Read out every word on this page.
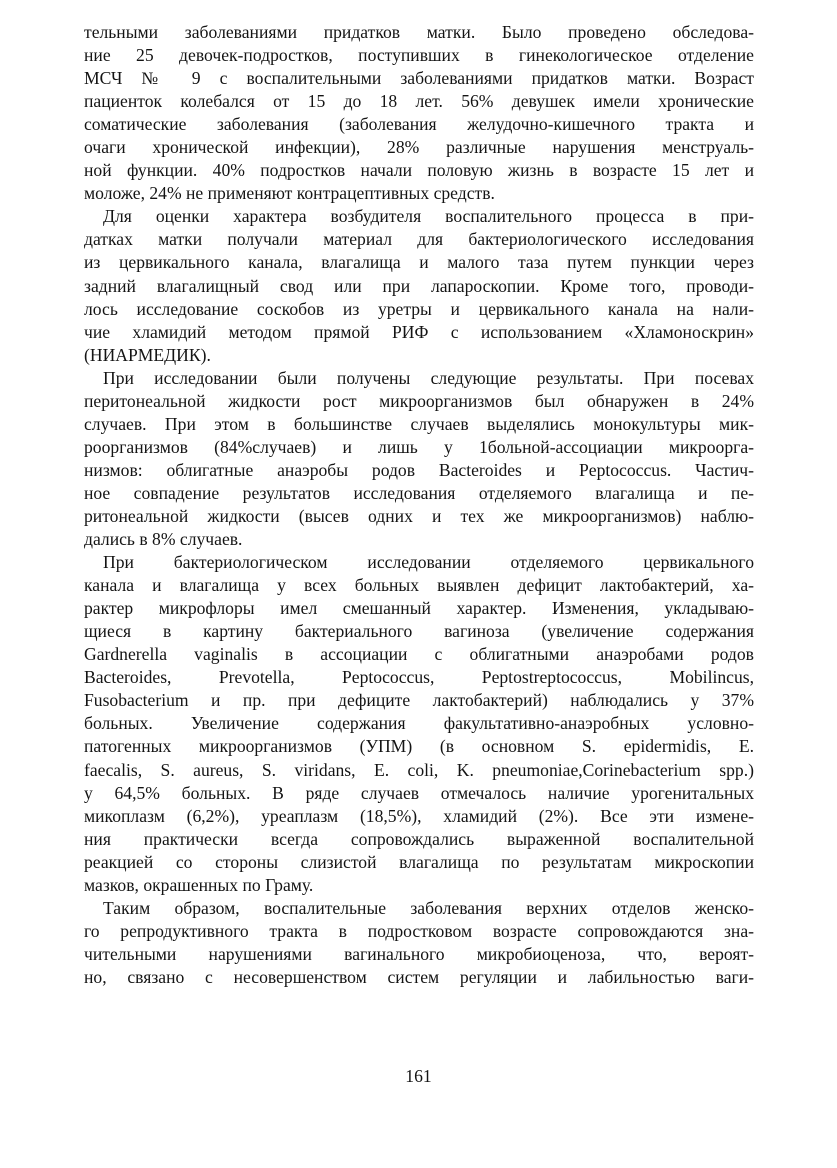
тельными заболеваниями придатков матки. Было проведено обследова-
ние 25 девочек-подростков, поступивших в гинекологическое отделение
МСЧ № 9 с воспалительными заболеваниями придатков матки. Возраст
пациенток колебался от 15 до 18 лет. 56% девушек имели хронические
соматические заболевания (заболевания желудочно-кишечного тракта и
очаги хронической инфекции), 28% различные нарушения менструаль-
ной функции. 40% подростков начали половую жизнь в возрасте 15 лет и
моложе, 24% не применяют контрацептивных средств.
Для оценки характера возбудителя воспалительного процесса в при-
датках матки получали материал для бактериологического исследования
из цервикального канала, влагалища и малого таза путем пункции через
задний влагалищный свод или при лапароскопии. Кроме того, проводи-
лось исследование соскобов из уретры и цервикального канала на нали-
чие хламидий методом прямой РИФ с использованием «Хламоноскрин»
(НИАРМЕДИК).
При исследовании были получены следующие результаты. При посевах
перитонеальной жидкости рост микроорганизмов был обнаружен в 24%
случаев. При этом в большинстве случаев выделялись монокультуры мик-
роорганизмов (84%случаев) и лишь у 1больной-ассоциации микроорга-
низмов: облигатные анаэробы родов Bacteroides и Peptococcus. Частич-
ное совпадение результатов исследования отделяемого влагалища и пе-
ритонеальной жидкости (высев одних и тех же микроорганизмов) наблю-
дались в 8% случаев.
При бактериологическом исследовании отделяемого цервикального
канала и влагалища у всех больных выявлен дефицит лактобактерий, ха-
рактер микрофлоры имел смешанный характер. Изменения, укладываю-
щиеся в картину бактериального вагиноза (увеличение содержания
Gardnerella vaginalis в ассоциации с облигатными анаэробами родов
Bacteroides, Prevotella, Peptococcus, Peptostreptococcus, Mobilincus,
Fusobacterium и пр. при дефиците лактобактерий) наблюдались у 37%
больных. Увеличение содержания факультативно-анаэробных условно-
патогенных микроорганизмов (УПМ) (в основном S. epidermidis, E.
faecalis, S. aureus, S. viridans, E. coli, K. pneumoniae,Corinebacterium spp.)
у 64,5% больных. В ряде случаев отмечалось наличие урогенитальных
микоплазм (6,2%), уреаплазм (18,5%), хламидий (2%). Все эти измене-
ния практически всегда сопровождались выраженной воспалительной
реакцией со стороны слизистой влагалища по результатам микроскопии
мазков, окрашенных по Граму.
Таким образом, воспалительные заболевания верхних отделов женско-
го репродуктивного тракта в подростковом возрасте сопровождаются зна-
чительными нарушениями вагинального микробиоценоза, что, вероят-
но, связано с несовершенством систем регуляции и лабильностью ваги-
161
